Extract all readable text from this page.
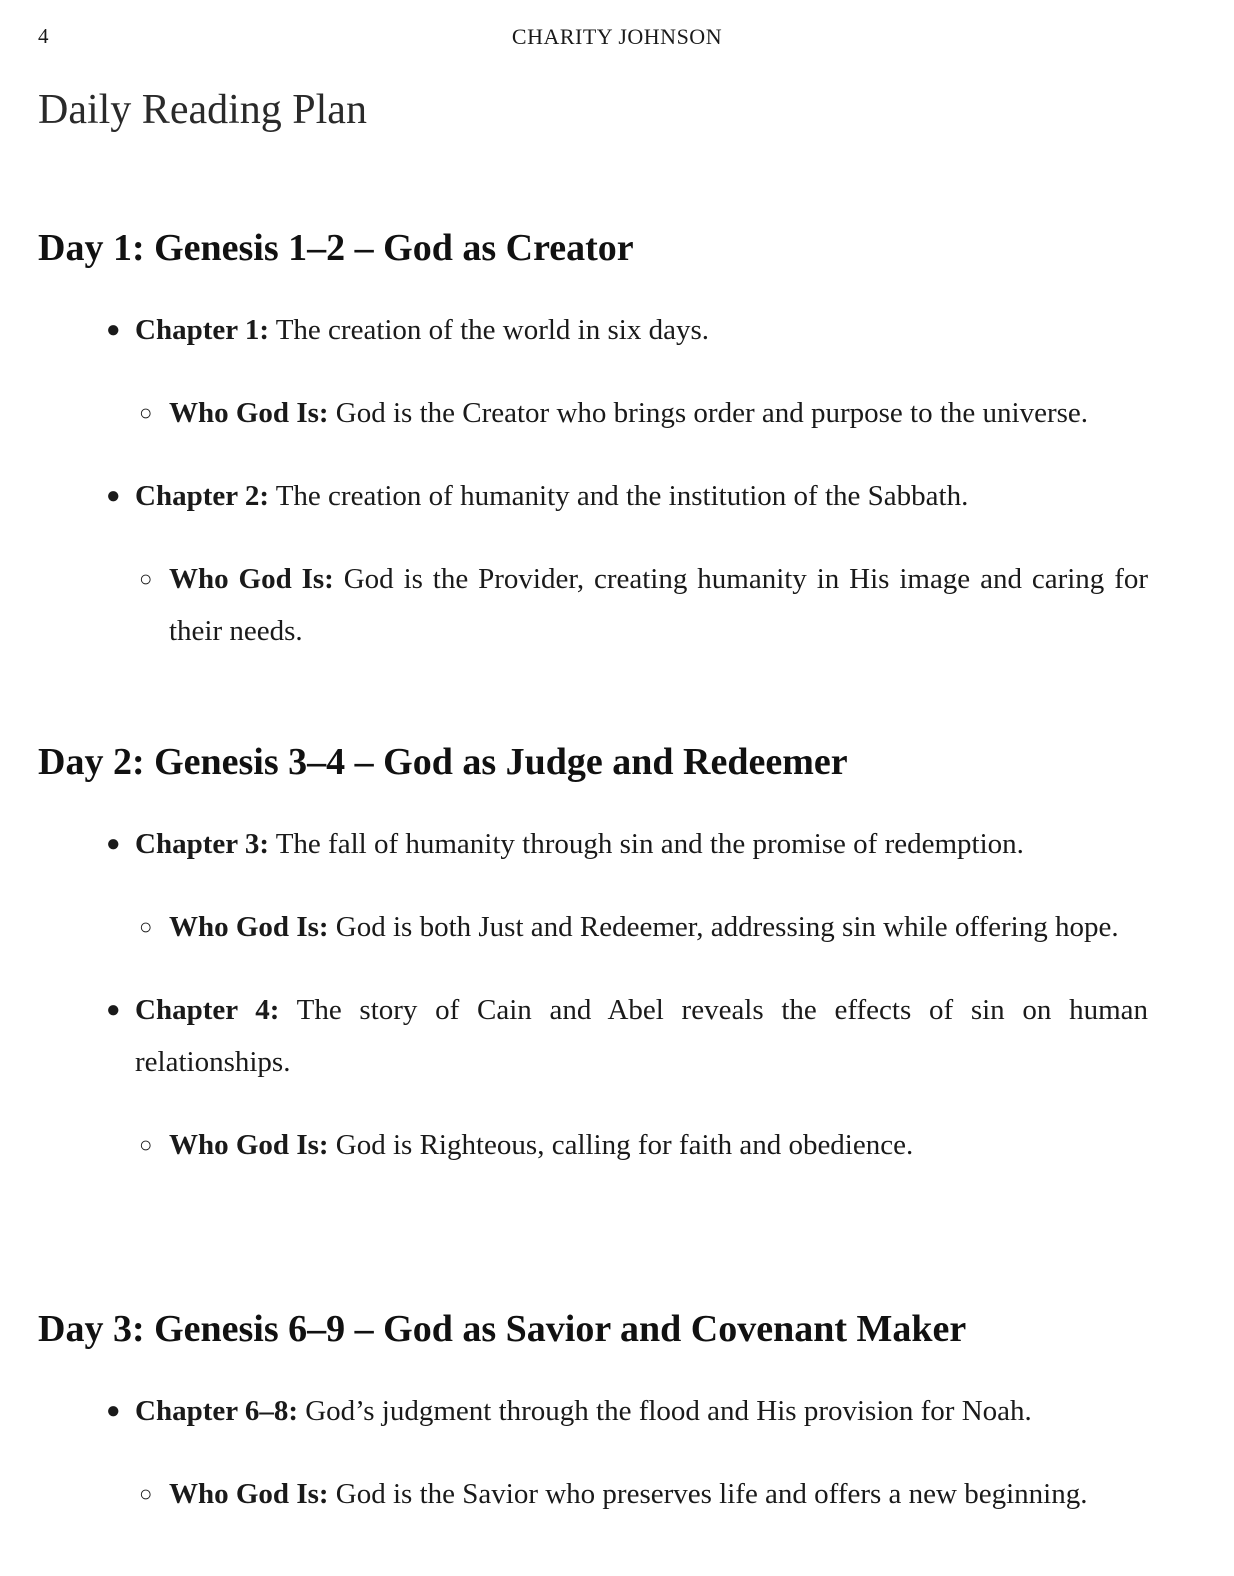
4	CHARITY JOHNSON
Daily Reading Plan
Day 1: Genesis 1–2 – God as Creator
● Chapter 1: The creation of the world in six days.
○ Who God Is: God is the Creator who brings order and purpose to the universe.
● Chapter 2: The creation of humanity and the institution of the Sabbath.
○ Who God Is: God is the Provider, creating humanity in His image and caring for their needs.
Day 2: Genesis 3–4 – God as Judge and Redeemer
● Chapter 3: The fall of humanity through sin and the promise of redemption.
○ Who God Is: God is both Just and Redeemer, addressing sin while offering hope.
● Chapter 4: The story of Cain and Abel reveals the effects of sin on human relationships.
○ Who God Is: God is Righteous, calling for faith and obedience.
Day 3: Genesis 6–9 – God as Savior and Covenant Maker
● Chapter 6–8: God’s judgment through the flood and His provision for Noah.
○ Who God Is: God is the Savior who preserves life and offers a new beginning.
